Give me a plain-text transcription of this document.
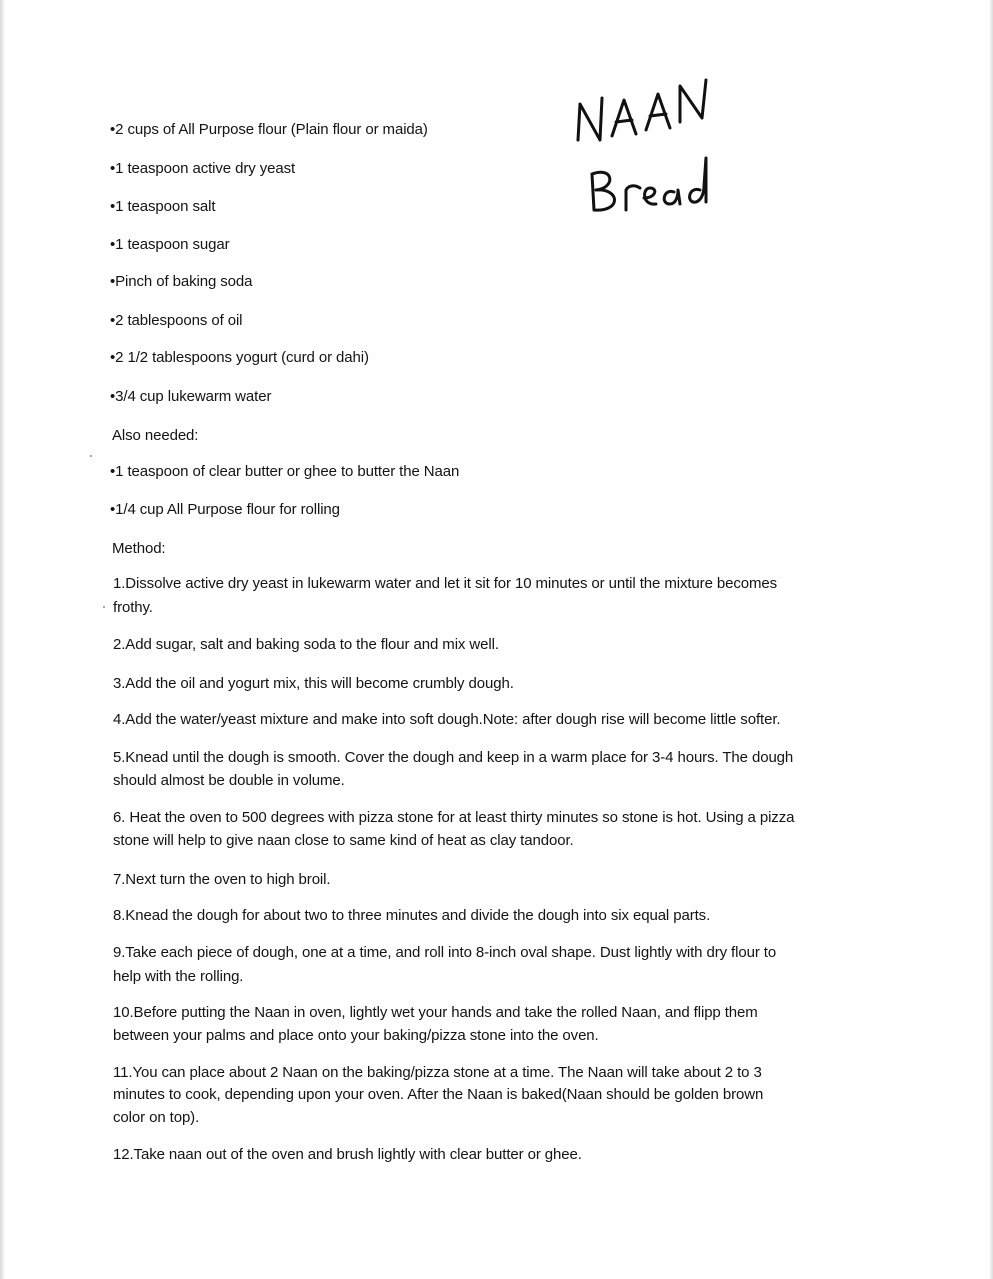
•2 cups of All Purpose flour (Plain flour or maida)
•1 teaspoon active dry yeast
•1 teaspoon salt
•1 teaspoon sugar
•Pinch of baking soda
•2 tablespoons of oil
•2 1/2 tablespoons yogurt (curd or dahi)
•3/4 cup lukewarm water
Also needed:
•1 teaspoon of clear butter or ghee to butter the Naan
•1/4 cup All Purpose flour for rolling
Method:
1.Dissolve active dry yeast in lukewarm water and let it sit for 10 minutes or until the mixture becomes
frothy.
2.Add sugar, salt and baking soda to the flour and mix well.
3.Add the oil and yogurt mix, this will become crumbly dough.
4.Add the water/yeast mixture and make into soft dough.Note: after dough rise will become little softer.
5.Knead until the dough is smooth. Cover the dough and keep in a warm place for 3-4 hours. The dough
should almost be double in volume.
6. Heat the oven to 500 degrees with pizza stone for at least thirty minutes so stone is hot. Using a pizza
stone will help to give naan close to same kind of heat as clay tandoor.
7.Next turn the oven to high broil.
8.Knead the dough for about two to three minutes and divide the dough into six equal parts.
9.Take each piece of dough, one at a time, and roll into 8-inch oval shape. Dust lightly with dry flour to
help with the rolling.
10.Before putting the Naan in oven, lightly wet your hands and take the rolled Naan, and flipp them
between your palms and place onto your baking/pizza stone into the oven.
11.You can place about 2 Naan on the baking/pizza stone at a time. The Naan will take about 2 to 3
minutes to cook, depending upon your oven. After the Naan is baked(Naan should be golden brown
color on top).
12.Take naan out of the oven and brush lightly with clear butter or ghee.
